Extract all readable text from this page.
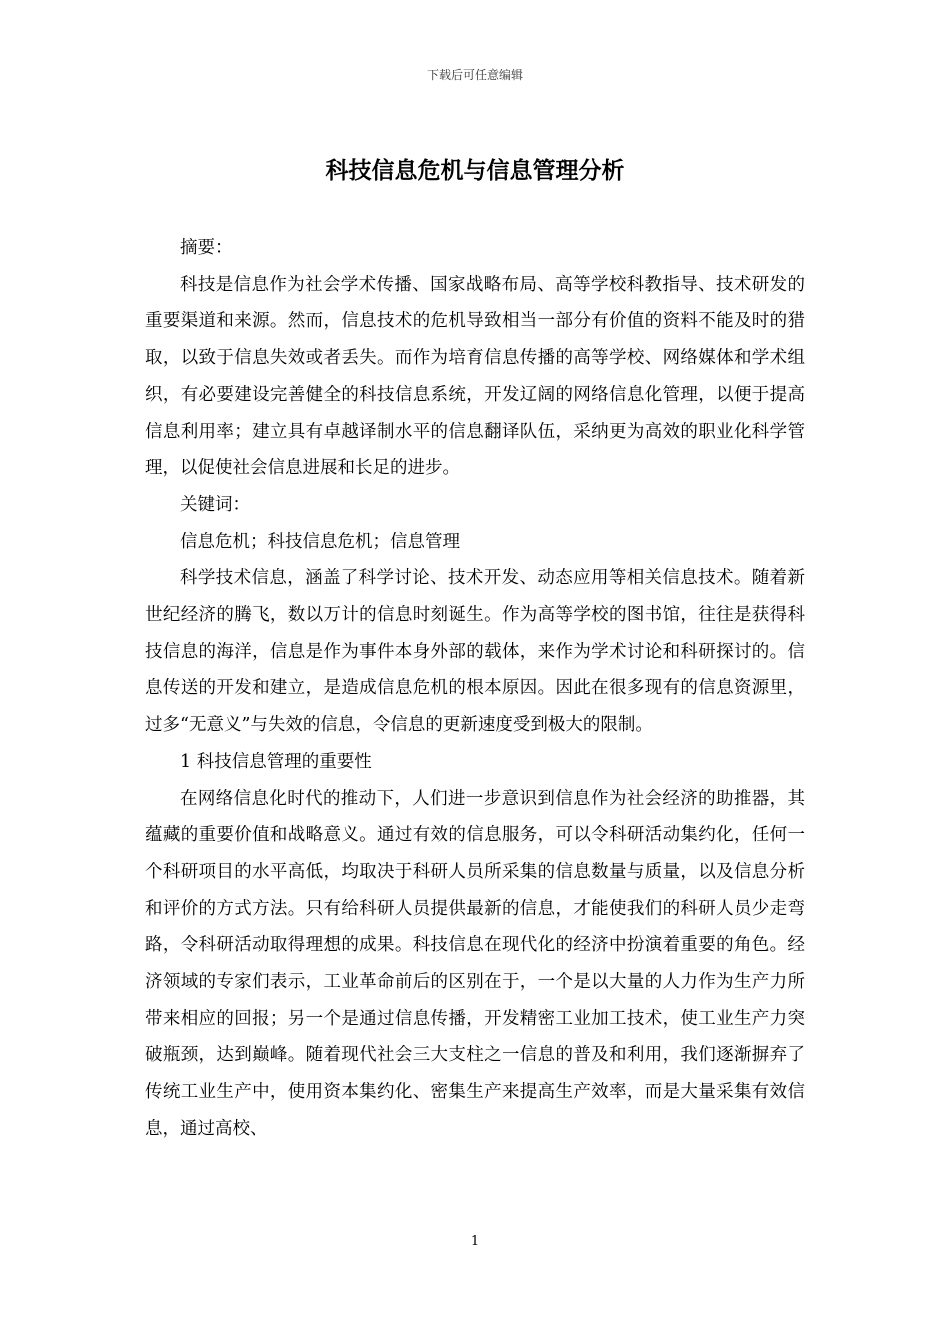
下载后可任意编辑
科技信息危机与信息管理分析

摘要：

科技是信息作为社会学术传播、国家战略布局、高等学校科教指导、技术研发的重要渠道和来源。然而，信息技术的危机导致相当一部分有价值的资料不能及时的猎取，以致于信息失效或者丢失。而作为培育信息传播的高等学校、网络媒体和学术组织，有必要建设完善健全的科技信息系统，开发辽阔的网络信息化管理，以便于提高信息利用率；建立具有卓越译制水平的信息翻译队伍，采纳更为高效的职业化科学管理，以促使社会信息进展和长足的进步。

关键词：

信息危机；科技信息危机；信息管理

科学技术信息，涵盖了科学讨论、技术开发、动态应用等相关信息技术。随着新世纪经济的腾飞，数以万计的信息时刻诞生。作为高等学校的图书馆，往往是获得科技信息的海洋，信息是作为事件本身外部的载体，来作为学术讨论和科研探讨的。信息传送的开发和建立，是造成信息危机的根本原因。因此在很多现有的信息资源里，过多“无意义”与失效的信息，令信息的更新速度受到极大的限制。

1 科技信息管理的重要性

在网络信息化时代的推动下，人们进一步意识到信息作为社会经济的助推器，其蕴藏的重要价值和战略意义。通过有效的信息服务，可以令科研活动集约化，任何一个科研项目的水平高低，均取决于科研人员所采集的信息数量与质量，以及信息分析和评价的方式方法。只有给科研人员提供最新的信息，才能使我们的科研人员少走弯路，令科研活动取得理想的成果。科技信息在现代化的经济中扮演着重要的角色。经济领域的专家们表示，工业革命前后的区别在于，一个是以大量的人力作为生产力所带来相应的回报；另一个是通过信息传播，开发精密工业加工技术，使工业生产力突破瓶颈，达到巅峰。随着现代社会三大支柱之一信息的普及和利用，我们逐渐摒弃了传统工业生产中，使用资本集约化、密集生产来提高生产效率，而是大量采集有效信息，通过高校、

1
